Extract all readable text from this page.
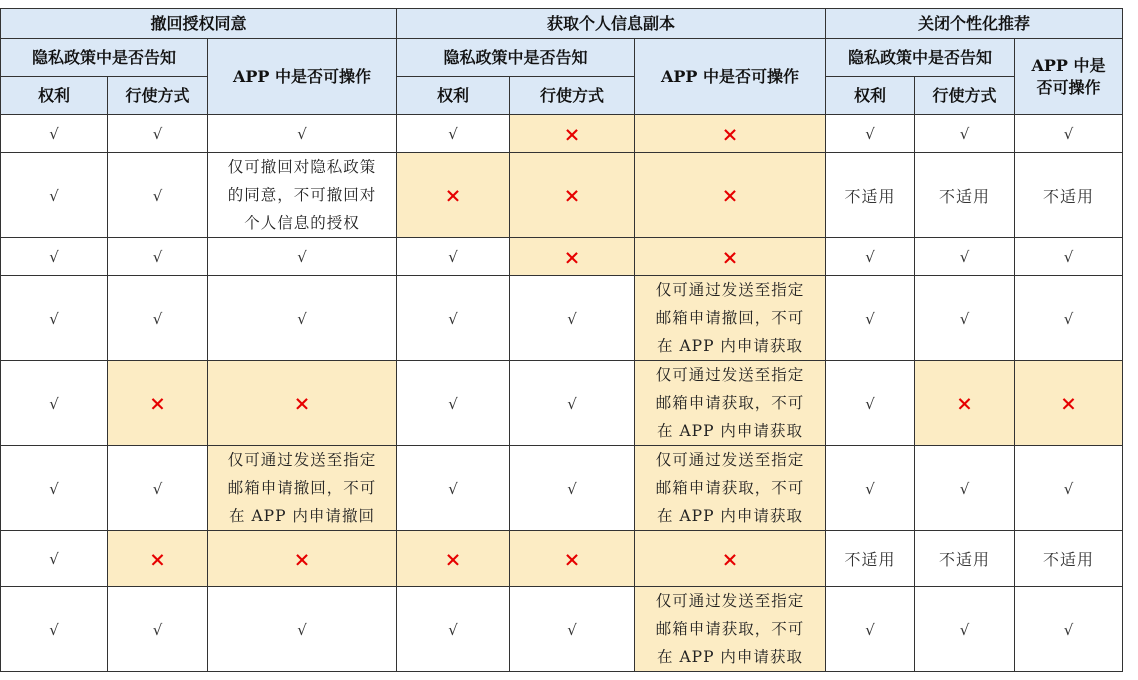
	撤回授权同意			获取个人信息副本			关闭个性化推荐		
	隐私政策中是否告知		APP 中是否可操作	隐私政策中是否告知		APP 中是否可操作	隐私政策中是否告知		APP 中是
否可操作
	权利	行使方式		权利	行使方式		权利	行使方式	
	√	√	√	√	×	×	√	√	√
	√	√	仅可撤回对隐私政策
的同意，不可撤回对
个人信息的授权	×	×	×	不适用	不适用	不适用
	√	√	√	√	×	×	√	√	√
	√	√	√	√	√	仅可通过发送至指定
邮箱申请撤回，不可
在 APP 内申请获取	√	√	√
	√	×	×	√	√	仅可通过发送至指定
邮箱申请获取，不可
在 APP 内申请获取	√	×	×
	√	√	仅可通过发送至指定
邮箱申请撤回，不可
在 APP 内申请撤回	√	√	仅可通过发送至指定
邮箱申请获取，不可
在 APP 内申请获取	√	√	√
	√	×	×	×	×	×	不适用	不适用	不适用
	√	√	√	√	√	仅可通过发送至指定
邮箱申请获取，不可
在 APP 内申请获取	√	√	√
